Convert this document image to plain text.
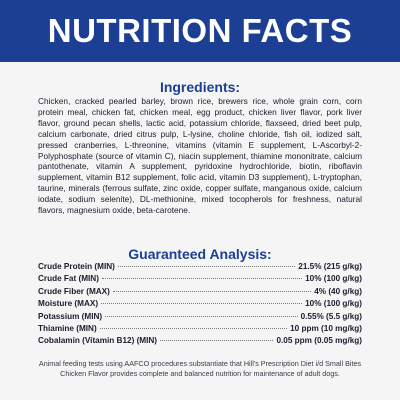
NUTRITION FACTS
Ingredients:
Chicken, cracked pearled barley, brown rice, brewers rice, whole grain corn, corn protein meal, chicken fat, chicken meal, egg product, chicken liver flavor, pork liver flavor, ground pecan shells, lactic acid, potassium chloride, flaxseed, dried beet pulp, calcium carbonate, dried citrus pulp, L-lysine, choline chloride, fish oil, iodized salt, pressed cranberries, L-threonine, vitamins (vitamin E supplement, L-Ascorbyl-2-Polyphosphate (source of vitamin C), niacin supplement, thiamine mononitrate, calcium pantothenate, vitamin A supplement, pyridoxine hydrochloride, biotin, riboflavin supplement, vitamin B12 supplement, folic acid, vitamin D3 supplement), L-tryptophan, taurine, minerals (ferrous sulfate, zinc oxide, copper sulfate, manganous oxide, calcium iodate, sodium selenite), DL-methionine, mixed tocopherols for freshness, natural flavors, magnesium oxide, beta-carotene.
Guaranteed Analysis:
Crude Protein (MIN)	21.5% (215 g/kg)
Crude Fat (MIN)	10% (100 g/kg)
Crude Fiber (MAX)	4% (40 g/kg)
Moisture (MAX)	10% (100 g/kg)
Potassium (MIN)	0.55% (5.5 g/kg)
Thiamine (MIN)	10 ppm (10 mg/kg)
Cobalamin (Vitamin B12) (MIN)	0.05 ppm (0.05 mg/kg)

Animal feeding tests using AAFCO procedures substantiate that Hill's Prescription Diet i/d Small Bites Chicken Flavor provides complete and balanced nutrition for maintenance of adult dogs.
